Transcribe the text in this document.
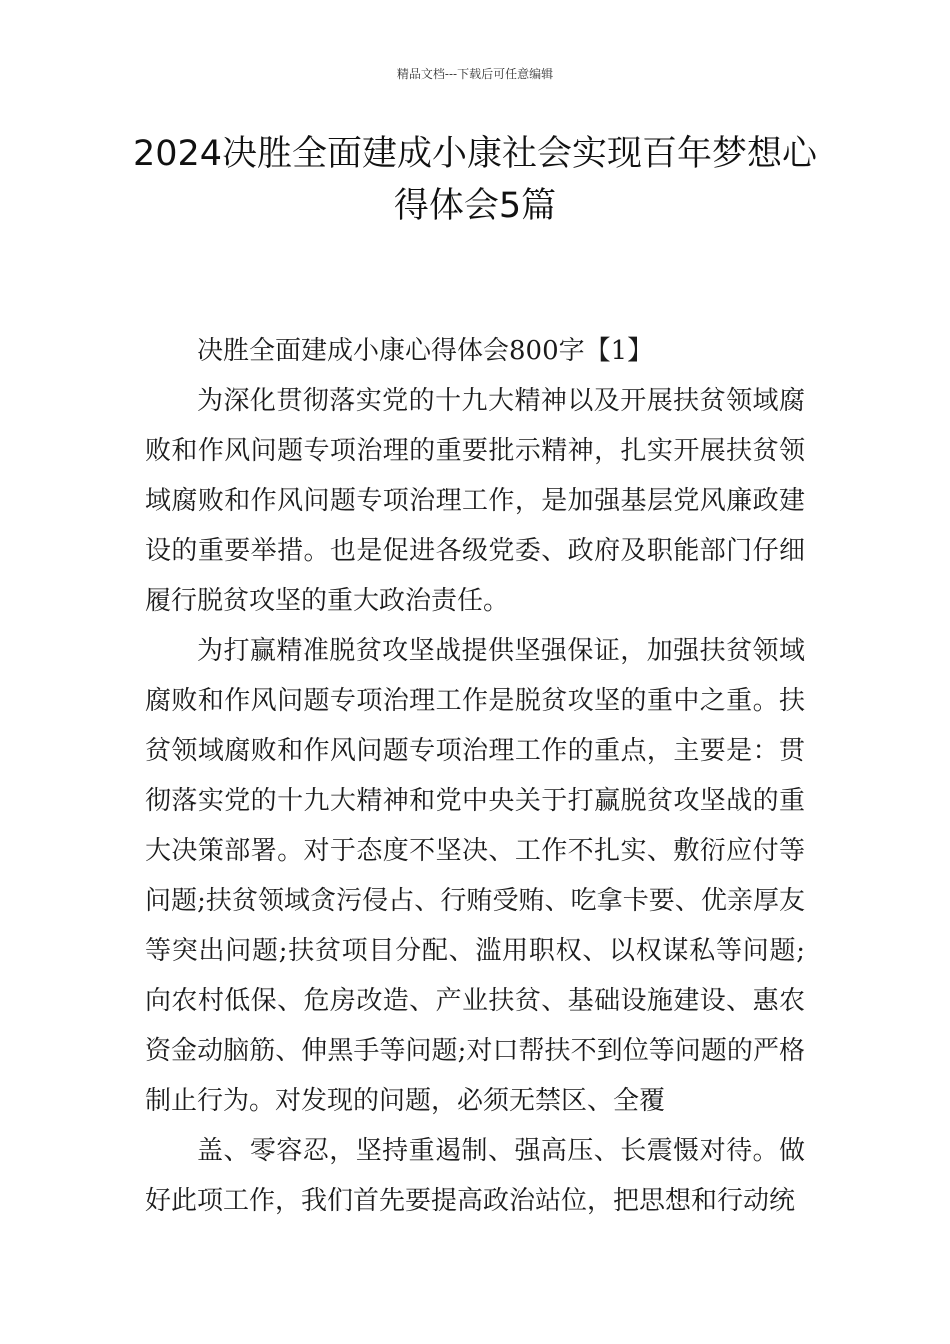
精品文档---下载后可任意编辑
2024决胜全面建成小康社会实现百年梦想心得体会5篇

决胜全面建成小康心得体会800字【1】

为深化贯彻落实党的十九大精神以及开展扶贫领域腐败和作风问题专项治理的重要批示精神，扎实开展扶贫领域腐败和作风问题专项治理工作，是加强基层党风廉政建设的重要举措。也是促进各级党委、政府及职能部门仔细履行脱贫攻坚的重大政治责任。

为打赢精准脱贫攻坚战提供坚强保证，加强扶贫领域腐败和作风问题专项治理工作是脱贫攻坚的重中之重。扶贫领域腐败和作风问题专项治理工作的重点，主要是：贯彻落实党的十九大精神和党中央关于打赢脱贫攻坚战的重大决策部署。对于态度不坚决、工作不扎实、敷衍应付等问题;扶贫领域贪污侵占、行贿受贿、吃拿卡要、优亲厚友等突出问题;扶贫项目分配、滥用职权、以权谋私等问题;向农村低保、危房改造、产业扶贫、基础设施建设、惠农资金动脑筋、伸黑手等问题;对口帮扶不到位等问题的严格制止行为。对发现的问题，必须无禁区、全覆

盖、零容忍，坚持重遏制、强高压、长震慑对待。做好此项工作，我们首先要提高政治站位，把思想和行动统
